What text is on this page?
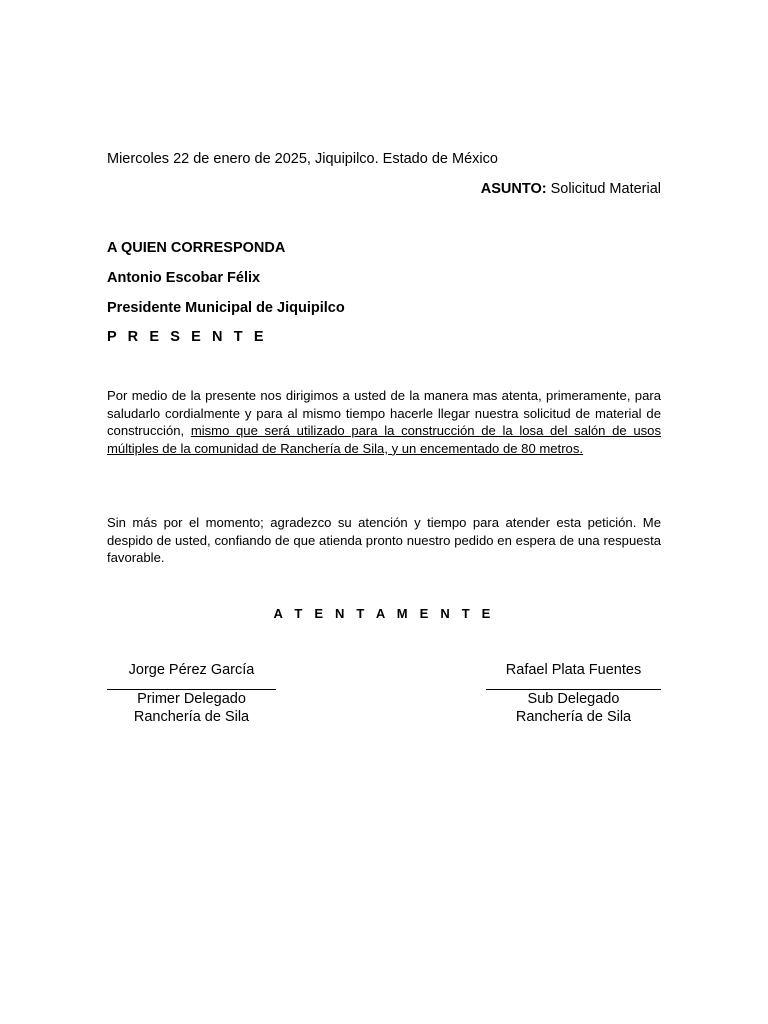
Miercoles 22 de enero de 2025, Jiquipilco. Estado de México
ASUNTO: Solicitud Material
A QUIEN CORRESPONDA
Antonio Escobar Félix
Presidente Municipal de Jiquipilco
P R E S E N T E
Por medio de la presente nos dirigimos a usted de la manera mas atenta, primeramente, para saludarlo cordialmente y para al mismo tiempo hacerle llegar nuestra solicitud de material de construcción, mismo que será utilizado para la construcción de la losa del salón de usos múltiples de la comunidad de Ranchería de Sila, y un encementado de 80 metros.
Sin más por el momento; agradezco su atención y tiempo para atender esta petición. Me despido de usted, confiando de que atienda pronto nuestro pedido en espera de una respuesta favorable.
A T E N T A M E N T E
Jorge Pérez García
Primer Delegado
Ranchería de Sila
Rafael Plata Fuentes
Sub Delegado
Ranchería de Sila
